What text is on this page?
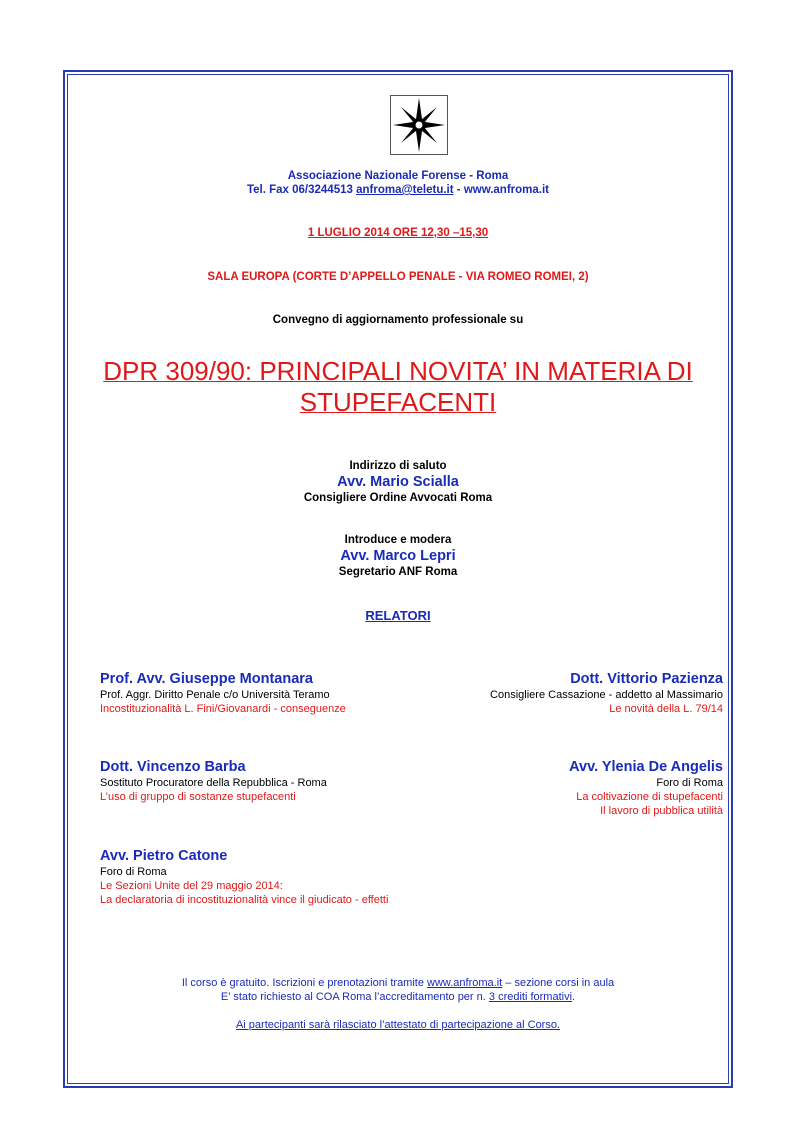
Associazione Nazionale Forense - Roma
Tel. Fax 06/3244513 anfroma@teletu.it - www.anfroma.it
1 LUGLIO 2014 ORE 12,30 –15,30
SALA EUROPA (CORTE D’APPELLO PENALE - VIA ROMEO ROMEI, 2)
Convegno di aggiornamento professionale su
DPR 309/90: PRINCIPALI NOVITA’ IN MATERIA DI
STUPEFACENTI
Indirizzo di saluto
Avv. Mario Scialla
Consigliere Ordine Avvocati Roma
Introduce e modera
Avv. Marco Lepri
Segretario ANF Roma
RELATORI
Prof. Avv. Giuseppe Montanara
Prof. Aggr. Diritto Penale c/o Università Teramo
Incostituzionalità L. Fini/Giovanardi - conseguenze
Dott. Vittorio Pazienza
Consigliere Cassazione - addetto al Massimario
Le novità della L. 79/14
Dott. Vincenzo Barba
Sostituto Procuratore della Repubblica - Roma
L’uso di gruppo di sostanze stupefacenti
Avv. Ylenia De Angelis
Foro di Roma
La coltivazione di stupefacenti
Il lavoro di pubblica utilità
Avv. Pietro Catone
Foro di Roma
Le Sezioni Unite del 29 maggio 2014:
La declaratoria di incostituzionalità vince il giudicato - effetti
Il corso è gratuito. Iscrizioni e prenotazioni tramite www.anfroma.it – sezione corsi in aula
E’ stato richiesto al COA Roma l’accreditamento per n. 3 crediti formativi.
Ai partecipanti sarà rilasciato l’attestato di partecipazione al Corso.
